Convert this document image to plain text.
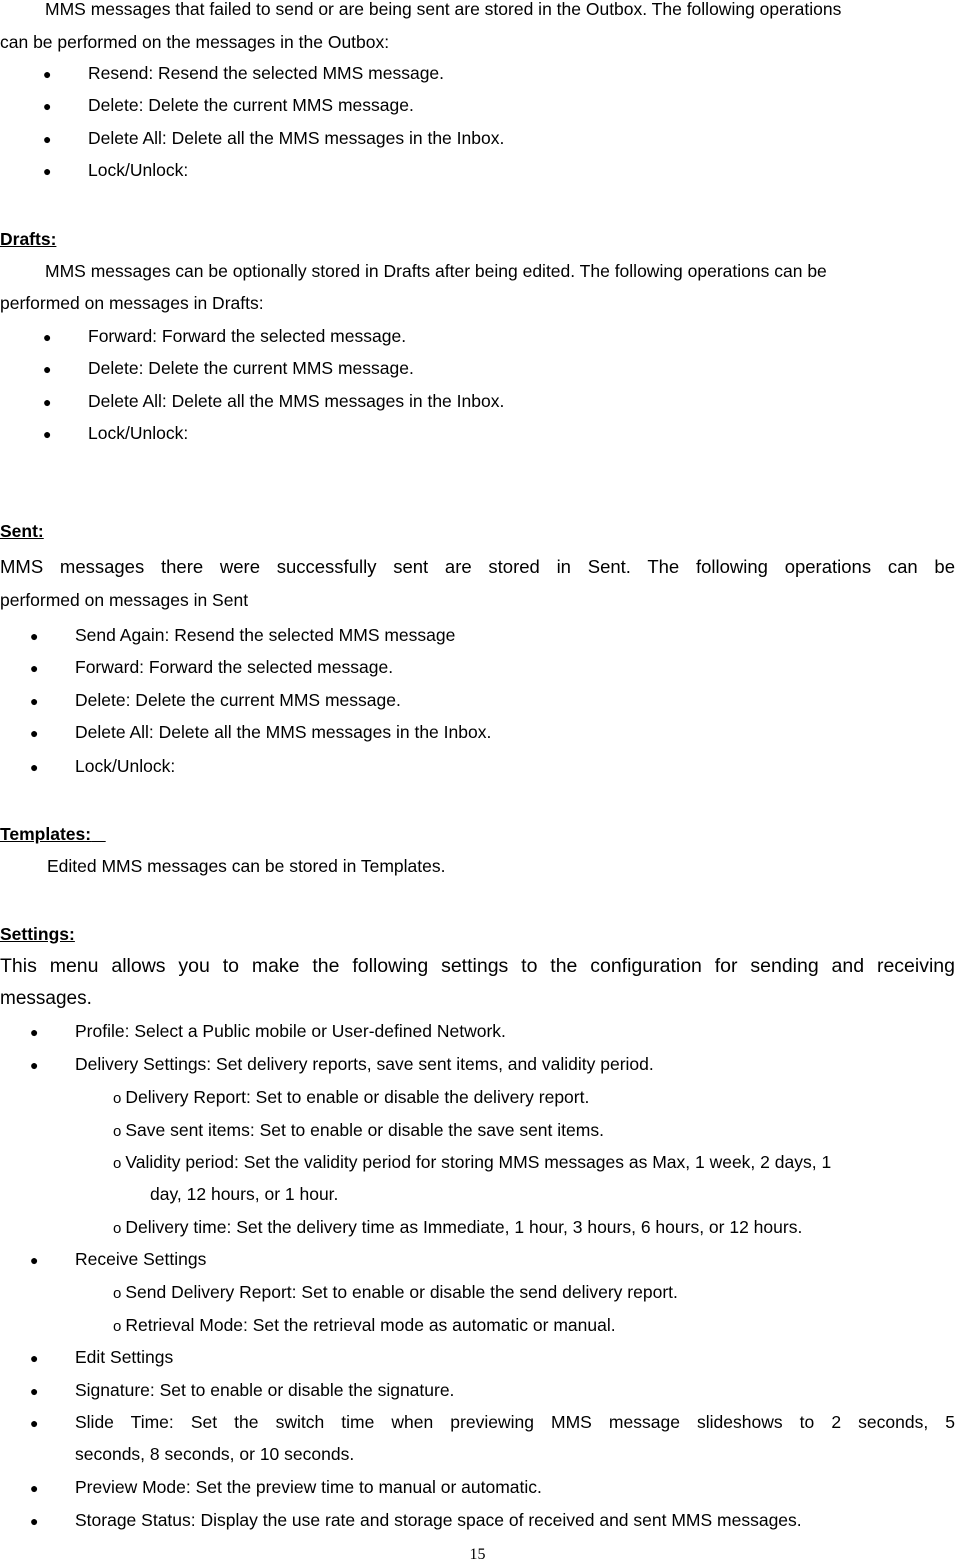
MMS messages that failed to send or are being sent are stored in the Outbox. The following operations
can be performed on the messages in the Outbox:
● Resend: Resend the selected MMS message.
● Delete: Delete the current MMS message.
● Delete All: Delete all the MMS messages in the Inbox.
● Lock/Unlock:
Drafts:
MMS messages can be optionally stored in Drafts after being edited. The following operations can be
performed on messages in Drafts:
● Forward: Forward the selected message.
● Delete: Delete the current MMS message.
● Delete All: Delete all the MMS messages in the Inbox.
● Lock/Unlock:
Sent:
MMS messages there were successfully sent are stored in Sent. The following operations can be
performed on messages in Sent
● Send Again: Resend the selected MMS message
● Forward: Forward the selected message.
● Delete: Delete the current MMS message.
● Delete All: Delete all the MMS messages in the Inbox.
● Lock/Unlock:
Templates:
Edited MMS messages can be stored in Templates.
Settings:
This menu allows you to make the following settings to the configuration for sending and receiving
messages.
● Profile: Select a Public mobile or User-defined Network.
● Delivery Settings: Set delivery reports, save sent items, and validity period.
o Delivery Report: Set to enable or disable the delivery report.
o Save sent items: Set to enable or disable the save sent items.
o Validity period: Set the validity period for storing MMS messages as Max, 1 week, 2 days, 1
day, 12 hours, or 1 hour.
o Delivery time: Set the delivery time as Immediate, 1 hour, 3 hours, 6 hours, or 12 hours.
● Receive Settings
o Send Delivery Report: Set to enable or disable the send delivery report.
o Retrieval Mode: Set the retrieval mode as automatic or manual.
● Edit Settings
● Signature: Set to enable or disable the signature.
● Slide Time: Set the switch time when previewing MMS message slideshows to 2 seconds, 5
seconds, 8 seconds, or 10 seconds.
● Preview Mode: Set the preview time to manual or automatic.
● Storage Status: Display the use rate and storage space of received and sent MMS messages.
15
